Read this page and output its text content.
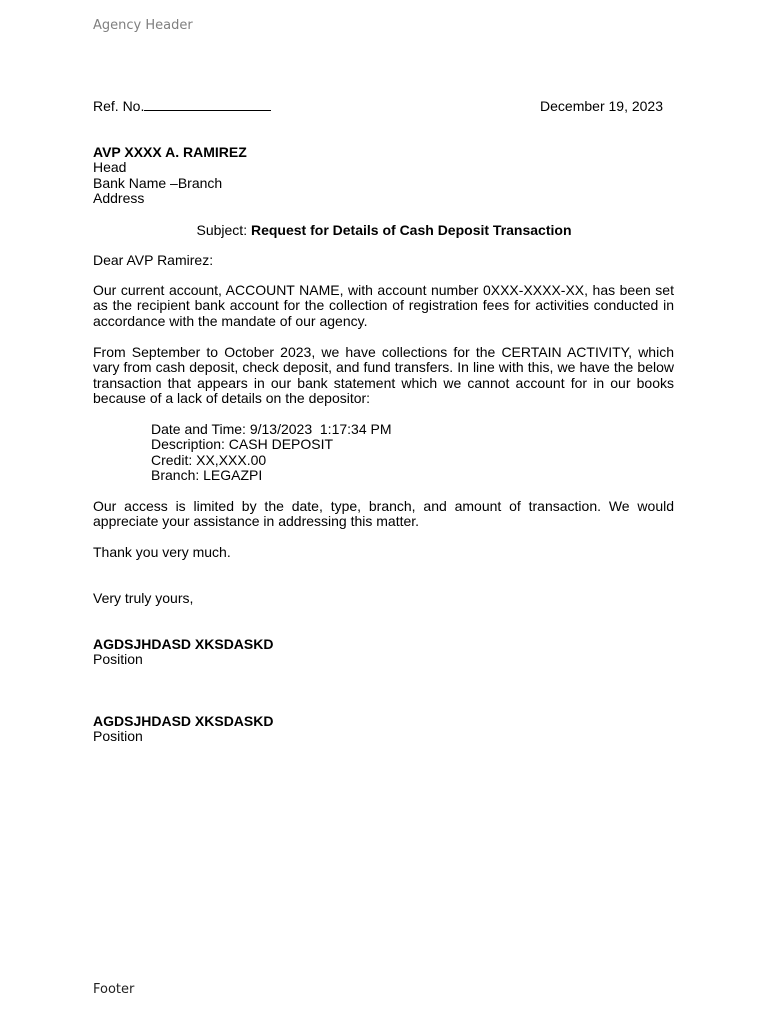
Agency Header
Ref. No.	December 19, 2023
AVP XXXX A. RAMIREZ
Head
Bank Name –Branch
Address
Subject: Request for Details of Cash Deposit Transaction
Dear AVP Ramirez:
Our current account, ACCOUNT NAME, with account number 0XXX-XXXX-XX, has been set as the recipient bank account for the collection of registration fees for activities conducted in accordance with the mandate of our agency.
From September to October 2023, we have collections for the CERTAIN ACTIVITY, which vary from cash deposit, check deposit, and fund transfers. In line with this, we have the below transaction that appears in our bank statement which we cannot account for in our books because of a lack of details on the depositor:
Date and Time: 9/13/2023  1:17:34 PM
Description: CASH DEPOSIT
Credit: XX,XXX.00
Branch: LEGAZPI
Our access is limited by the date, type, branch, and amount of transaction. We would appreciate your assistance in addressing this matter.
Thank you very much.
Very truly yours,
AGDSJHDASD XKSDASKD
Position
AGDSJHDASD XKSDASKD
Position
Footer
